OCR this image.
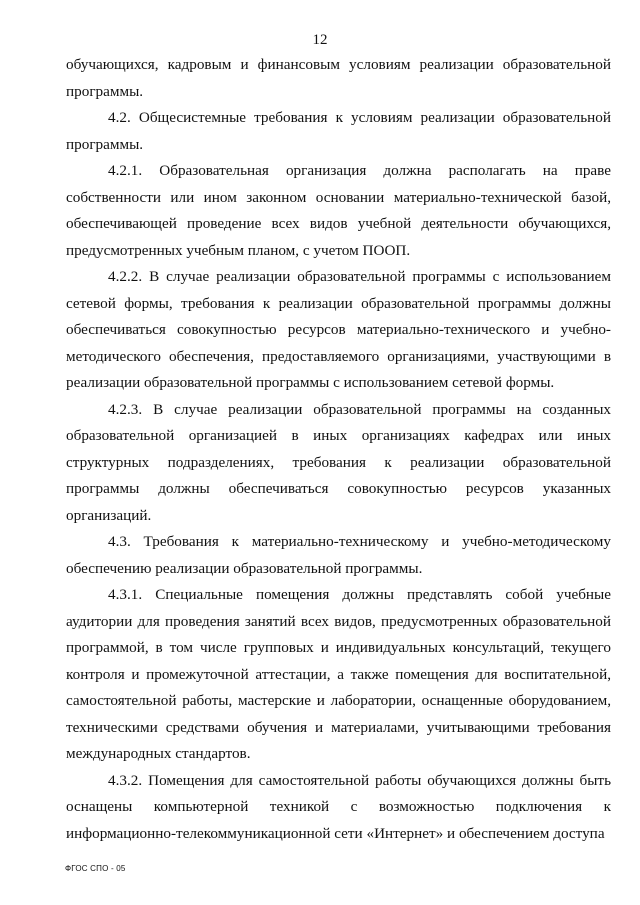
12

обучающихся, кадровым и финансовым условиям реализации образовательной программы.

4.2. Общесистемные требования к условиям реализации образовательной программы.

4.2.1. Образовательная организация должна располагать на праве собственности или ином законном основании материально-технической базой, обеспечивающей проведение всех видов учебной деятельности обучающихся, предусмотренных учебным планом, с учетом ПООП.

4.2.2. В случае реализации образовательной программы с использованием сетевой формы, требования к реализации образовательной программы должны обеспечиваться совокупностью ресурсов материально-технического и учебно-методического обеспечения, предоставляемого организациями, участвующими в реализации образовательной программы с использованием сетевой формы.

4.2.3. В случае реализации образовательной программы на созданных образовательной организацией в иных организациях кафедрах или иных структурных подразделениях, требования к реализации образовательной программы должны обеспечиваться совокупностью ресурсов указанных организаций.

4.3. Требования к материально-техническому и учебно-методическому обеспечению реализации образовательной программы.

4.3.1. Специальные помещения должны представлять собой учебные аудитории для проведения занятий всех видов, предусмотренных образовательной программой, в том числе групповых и индивидуальных консультаций, текущего контроля и промежуточной аттестации, а также помещения для воспитательной, самостоятельной работы, мастерские и лаборатории, оснащенные оборудованием, техническими средствами обучения и материалами, учитывающими требования международных стандартов.

4.3.2. Помещения для самостоятельной работы обучающихся должны быть оснащены компьютерной техникой с возможностью подключения к информационно-телекоммуникационной сети «Интернет» и обеспечением доступа

ФГОС СПО - 05
